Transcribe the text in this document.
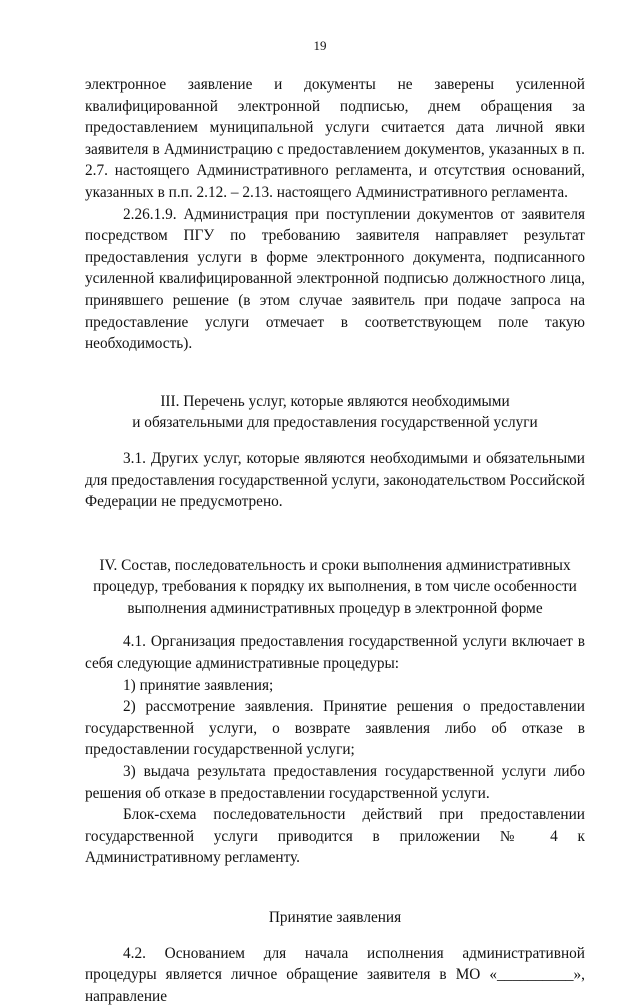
19

электронное заявление и документы не заверены усиленной квалифицированной электронной подписью, днем обращения за предоставлением муниципальной услуги считается дата личной явки заявителя в Администрацию с предоставлением документов, указанных в п. 2.7. настоящего Административного регламента, и отсутствия оснований, указанных в п.п. 2.12. – 2.13. настоящего Административного регламента.

2.26.1.9. Администрация при поступлении документов от заявителя посредством ПГУ по требованию заявителя направляет результат предоставления услуги в форме электронного документа, подписанного усиленной квалифицированной электронной подписью должностного лица, принявшего решение (в этом случае заявитель при подаче запроса на предоставление услуги отмечает в соответствующем поле такую необходимость).

III. Перечень услуг, которые являются необходимыми
и обязательными для предоставления государственной услуги

3.1. Других услуг, которые являются необходимыми и обязательными для предоставления государственной услуги, законодательством Российской Федерации не предусмотрено.

IV. Состав, последовательность и сроки выполнения административных
процедур, требования к порядку их выполнения, в том числе особенности
выполнения административных процедур в электронной форме

4.1. Организация предоставления государственной услуги включает в себя следующие административные процедуры:

1) принятие заявления;

2) рассмотрение заявления. Принятие решения о предоставлении государственной услуги, о возврате заявления либо об отказе в предоставлении государственной услуги;

3) выдача результата предоставления государственной услуги либо решения об отказе в предоставлении государственной услуги.

Блок-схема последовательности действий при предоставлении государственной услуги приводится в приложении № 4 к Административному регламенту.

Принятие заявления

4.2. Основанием для начала исполнения административной процедуры является личное обращение заявителя в МО «__________», направление
